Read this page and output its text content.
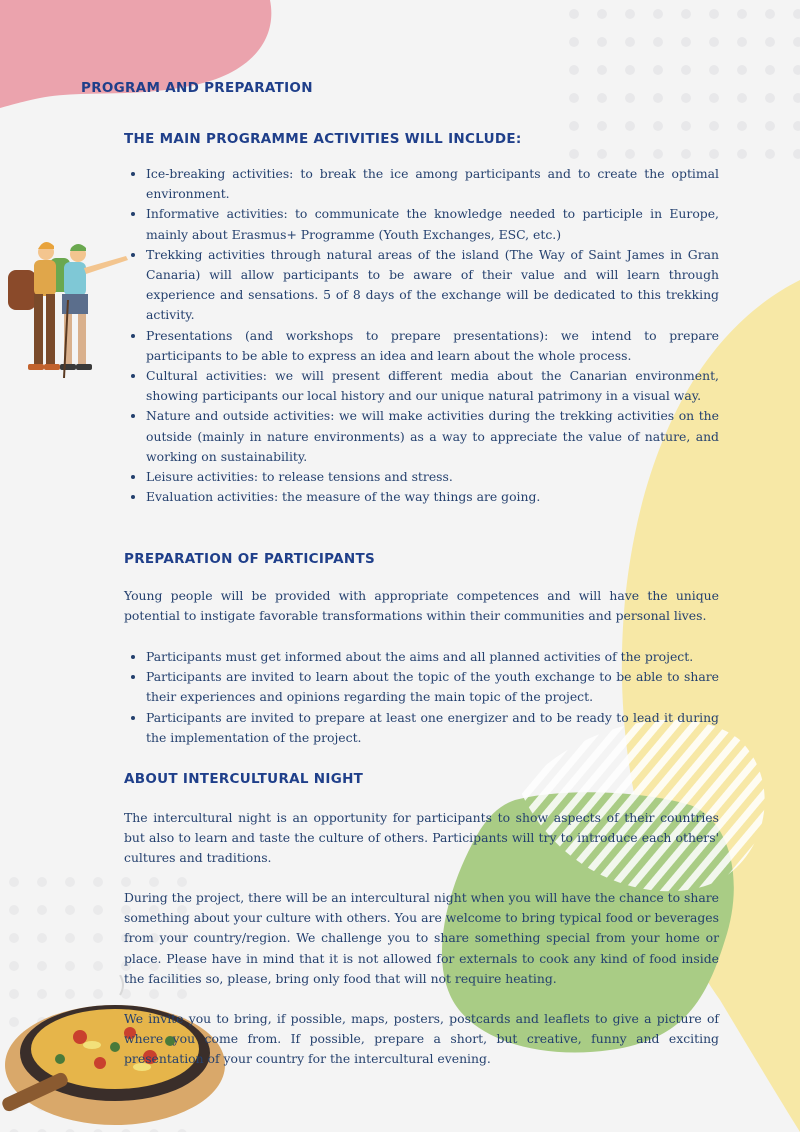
PROGRAM AND PREPARATION
THE MAIN PROGRAMME ACTIVITIES WILL INCLUDE:
• Ice-breaking activities: to break the ice among participants and to create the optimal environment.
• Informative activities: to communicate the knowledge needed to participle in Europe, mainly about Erasmus+ Programme (Youth Exchanges, ESC, etc.)
• Trekking activities through natural areas of the island (The Way of Saint James in Gran Canaria) will allow participants to be aware of their value and will learn through experience and sensations. 5 of 8 days of the exchange will be dedicated to this trekking activity.
• Presentations (and workshops to prepare presentations): we intend to prepare participants to be able to express an idea and learn about the whole process.
• Cultural activities: we will present different media about the Canarian environment, showing participants our local history and our unique natural patrimony in a visual way.
• Nature and outside activities: we will make activities during the trekking activities on the outside (mainly in nature environments) as a way to appreciate the value of nature, and working on sustainability.
• Leisure activities: to release tensions and stress.
• Evaluation activities: the measure of the way things are going.
PREPARATION OF PARTICIPANTS

Young people will be provided with appropriate competences and will have the unique potential to instigate favorable transformations within their communities and personal lives.

• Participants must get informed about the aims and all planned activities of the project.
• Participants are invited to learn about the topic of the youth exchange to be able to share their experiences and opinions regarding the main topic of the project.
• Participants are invited to prepare at least one energizer and to be ready to lead it during the implementation of the project.
ABOUT INTERCULTURAL NIGHT

The intercultural night is an opportunity for participants to show aspects of their countries but also to learn and taste the culture of others. Participants will try to introduce each others' cultures and traditions.

During the project, there will be an intercultural night when you will have the chance to share something about your culture with others. You are welcome to bring typical food or beverages from your country/region. We challenge you to share something special from your home or place. Please have in mind that it is not allowed for externals to cook any kind of food inside the facilities so, please, bring only food that will not require heating.

We invite you to bring, if possible, maps, posters, postcards and leaflets to give a picture of where you come from. If possible, prepare a short, but creative, funny and exciting presentation of your country for the intercultural evening.
